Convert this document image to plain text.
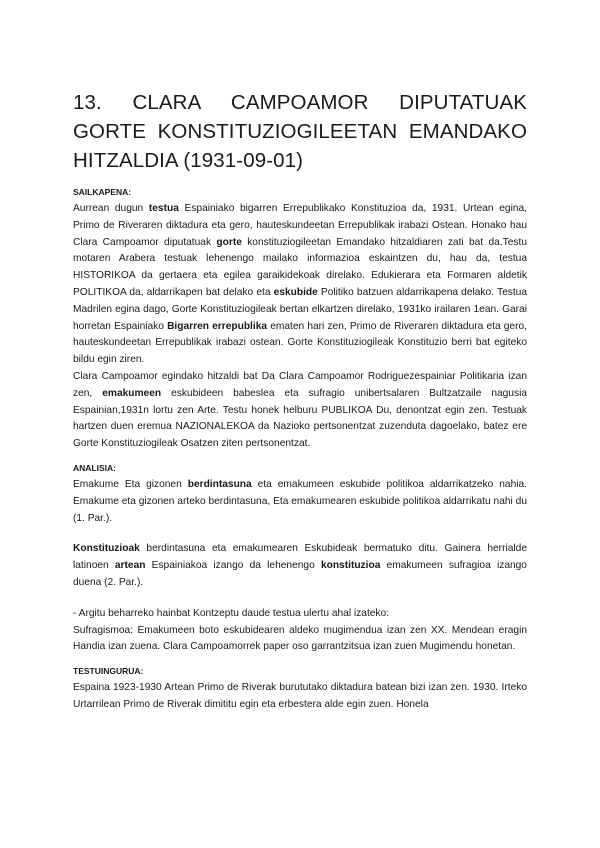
13. CLARA CAMPOAMOR DIPUTATUAK GORTE KONSTITUZIOGILEETAN EMANDAKO HITZALDIA (1931-09-01)
SAILKAPENA:

Aurrean dugun testua Espainiako bigarren Errepublikako Konstituzioa da, 1931. Urtean egina, Primo de Riveraren diktadura eta gero, hauteskundeetan Errepublikak irabazi Ostean. Honako hau Clara Campoamor diputatuak gorte konstituziogileetan Emandako hitzaldiaren zati bat da.Testu motaren Arabera testuak lehenengo mailako informazioa eskaintzen du, hau da, testua HISTORIKOA da gertaera eta egilea garaikidekoak direlako. Edukierara eta Formaren aldetik POLITIKOA da, aldarrikapen bat delako eta eskubide Politiko batzuen aldarrikapena delako. Testua Madrilen egina dago, Gorte Konstituziogileak bertan elkartzen direlako, 1931ko irailaren 1ean. Garai horretan Espainiako Bigarren errepublika ematen hari zen, Primo de Riveraren diktadura eta gero, hauteskundeetan Errepublikak irabazi ostean. Gorte Konstituziogileak Konstituzio berri bat egiteko bildu egin ziren.

Clara Campoamor egindako hitzaldi bat Da Clara Campoamor Rodriguezespainiar Politikaria izan zen, emakumeen eskubideen babeslea eta sufragio unibertsalaren Bultzatzaile nagusia Espainian,1931n lortu zen Arte. Testu honek helburu PUBLIKOA Du, denontzat egin zen. Testuak hartzen duen eremua NAZIONALEKOA da Nazioko pertsonentzat zuzenduta dagoelako, batez ere Gorte Konstituziogileak Osatzen ziten pertsonentzat.

ANALISIA:

Emakume Eta gizonen berdintasuna eta emakumeen eskubide politikoa aldarrikatzeko nahia. Emakume eta gizonen arteko berdintasuna, Eta emakumearen eskubide politikoa aldarrikatu nahi du (1. Par.).

Konstituzioak berdintasuna eta emakumearen Eskubideak bermatuko ditu. Gainera herrialde latinoen artean Espainiakoa izango da lehenengo konstituzioa emakumeen sufragioa izango duena (2. Par.).

- Argitu beharreko hainbat Kontzeptu daude testua ulertu ahal izateko:

Sufragismoa: Emakumeen boto eskubidearen aldeko mugimendua izan zen XX. Mendean eragin Handia izan zuena. Clara Campoamorrek paper oso garrantzitsua izan zuen Mugimendu honetan.

TESTUINGURUA:

Espaina 1923-1930 Artean Primo de Riverak burututako diktadura batean bizi izan zen. 1930. Irteko Urtarrilean Primo de Riverak dimititu egin eta erbestera alde egin zuen. Honela
